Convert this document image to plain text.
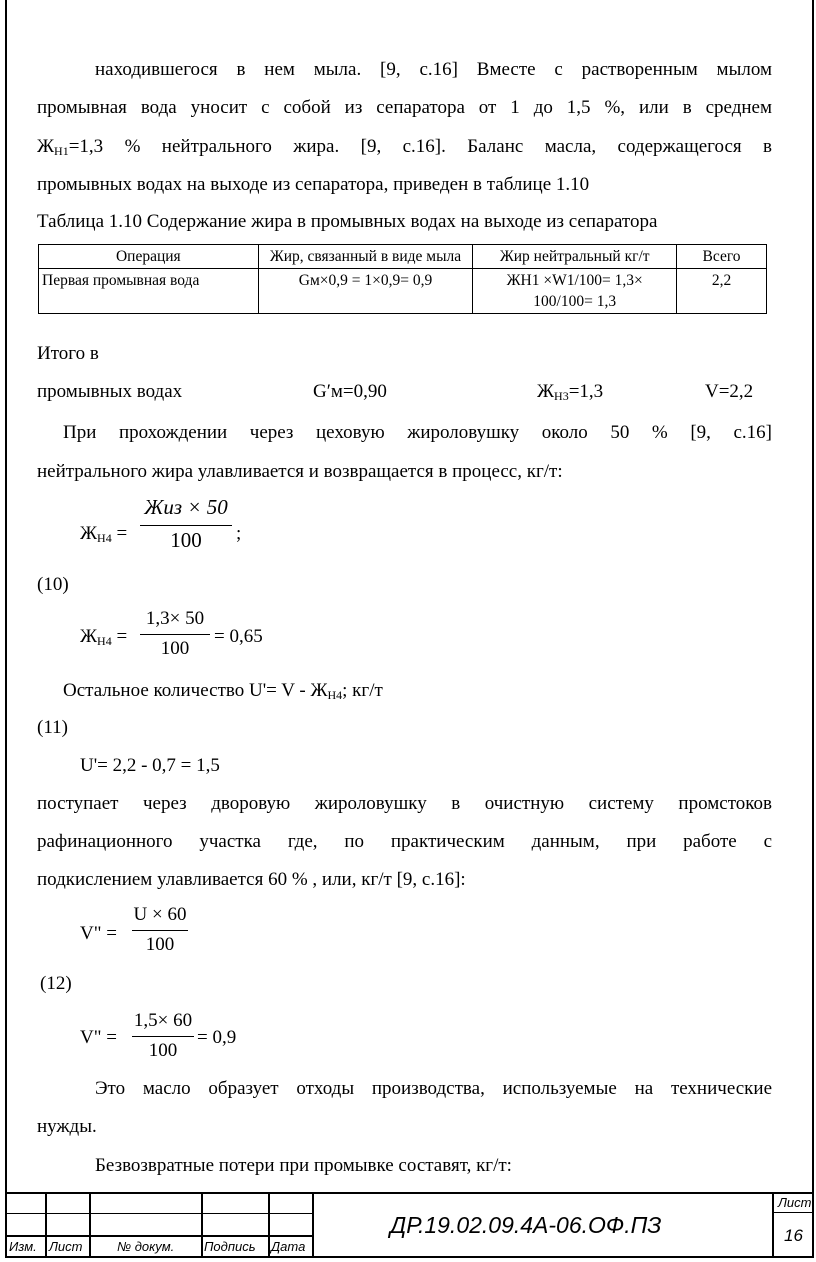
находившегося в нем мыла. [9, с.16] Вместе с растворенным мылом
промывная вода уносит с собой из сепаратора от 1 до 1,5 %, или в среднем
$Ж_{Н1}=1,3$ % нейтрального жира. [9, с.16]. Баланс масла, содержащегося в
промывных водах на выходе из сепаратора, приведен в таблице 1.10
Таблица 1.10 Содержание жира в промывных водах на выходе из сепаратора
Операция	Жир, связанный в виде мыла	Жир нейтральный кг/т	Всего
Первая промывная вода	Gм×0,9 = 1×0,9= 0,9	ЖН1 ×W1/100= 1,3×
100/100= 1,3	2,2
Итого в
промывных водах	G′м=0,90	$Ж_{Н3}=1,3$	V=2,2
При прохождении через цеховую жироловушку около 50 % [9, с.16]
нейтрального жира улавливается и возвращается в процесс, кг/т:
$Ж_{Н4}$ =
Жиз × 50
100	;
(10)
$Ж_{Н4}$ =
1,3× 50
100
= 0,65
Остальное количество $U'= V - Ж_{Н4}$; кг/т
(11)
U'= 2,2 - 0,7 = 1,5
поступает через дворовую жироловушку в очистную систему промстоков
рафинационного участка где, по практическим данным, при работе с
подкислением улавливается 60 % , или, кг/т [9, с.16]:
V" =
U × 60
100
(12)
V" =
1,5× 60
100
= 0,9
Это масло образует отходы производства, используемые на технические
нужды.
Безвозвратные потери при промывке составят, кг/т:
Изм. Лист	№ докум. Подпись Дата
Лист
16
ДР.19.02.09.4А-06.ОФ.ПЗ
